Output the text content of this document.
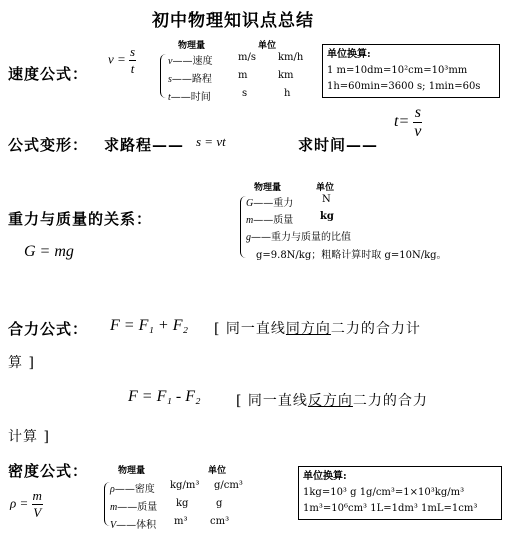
初中物理知识点总结
速度公式：
$v = \frac{s}{t}$	物理量	单位
v——速度	m/s km/h
s——路程	m	km
t——时间	s	h
单位换算:
1 m=10dm=10²cm=10³mm
1h=60min=3600 s; 1min=60s
公式变形： 求路程—— s = vt	求时间——
$t= \frac{s}{v}$
重力与质量的关系：
G = mg
物理量	单位
G——重力	N
m——质量	kg
g——重力与质量的比值
g=9.8N/kg；粗略计算时取 g=10N/kg。
合力公式： F = F₁ + F₂ [ 同一直线同方向二力的合力计
算 ]
F = F₁ - F₂	[ 同一直线反方向二力的合力
计算 ]
密度公式：
$\rho = \frac{m}{V}$
物理量	单位
ρ——密度 kg/m³ g/cm³
m——质量 kg	g
V——体积 m³ cm³
单位换算:
1kg=10³ g 1g/cm³=1×10³kg/m³
1m³=10⁶cm³ 1L=1dm³ 1mL=1cm³
